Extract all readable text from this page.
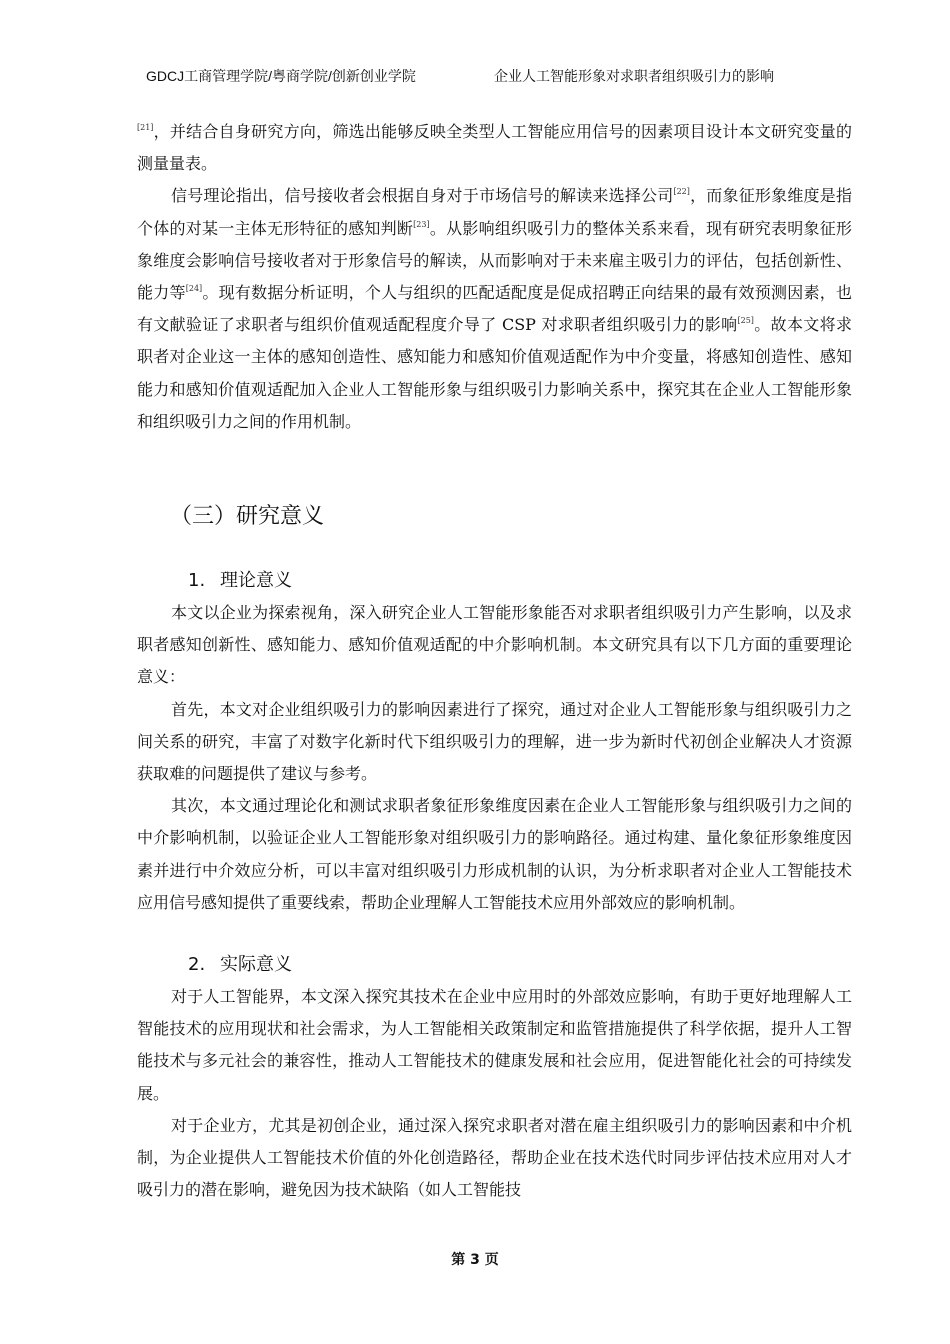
GDCJ工商管理学院/粤商学院/创新创业学院	企业人工智能形象对求职者组织吸引力的影响

[21]，并结合自身研究方向，筛选出能够反映全类型人工智能应用信号的因素项目设计本文研究变量的测量量表。

信号理论指出，信号接收者会根据自身对于市场信号的解读来选择公司[22]，而象征形象维度是指个体的对某一主体无形特征的感知判断[23]。从影响组织吸引力的整体关系来看，现有研究表明象征形象维度会影响信号接收者对于形象信号的解读，从而影响对于未来雇主吸引力的评估，包括创新性、能力等[24]。现有数据分析证明，个人与组织的匹配适配度是促成招聘正向结果的最有效预测因素，也有文献验证了求职者与组织价值观适配程度介导了 CSP 对求职者组织吸引力的影响[25]。故本文将求职者对企业这一主体的感知创造性、感知能力和感知价值观适配作为中介变量，将感知创造性、感知能力和感知价值观适配加入企业人工智能形象与组织吸引力影响关系中，探究其在企业人工智能形象和组织吸引力之间的作用机制。

（三）研究意义
1. 理论意义

本文以企业为探索视角，深入研究企业人工智能形象能否对求职者组织吸引力产生影响，以及求职者感知创新性、感知能力、感知价值观适配的中介影响机制。本文研究具有以下几方面的重要理论意义：

首先，本文对企业组织吸引力的影响因素进行了探究，通过对企业人工智能形象与组织吸引力之间关系的研究，丰富了对数字化新时代下组织吸引力的理解，进一步为新时代初创企业解决人才资源获取难的问题提供了建议与参考。

其次，本文通过理论化和测试求职者象征形象维度因素在企业人工智能形象与组织吸引力之间的中介影响机制，以验证企业人工智能形象对组织吸引力的影响路径。通过构建、量化象征形象维度因素并进行中介效应分析，可以丰富对组织吸引力形成机制的认识，为分析求职者对企业人工智能技术应用信号感知提供了重要线索，帮助企业理解人工智能技术应用外部效应的影响机制。

2. 实际意义

对于人工智能界，本文深入探究其技术在企业中应用时的外部效应影响，有助于更好地理解人工智能技术的应用现状和社会需求，为人工智能相关政策制定和监管措施提供了科学依据，提升人工智能技术与多元社会的兼容性，推动人工智能技术的健康发展和社会应用，促进智能化社会的可持续发展。

对于企业方，尤其是初创企业，通过深入探究求职者对潜在雇主组织吸引力的影响因素和中介机制，为企业提供人工智能技术价值的外化创造路径，帮助企业在技术迭代时同步评估技术应用对人才吸引力的潜在影响，避免因为技术缺陷（如人工智能技

第 3 页
